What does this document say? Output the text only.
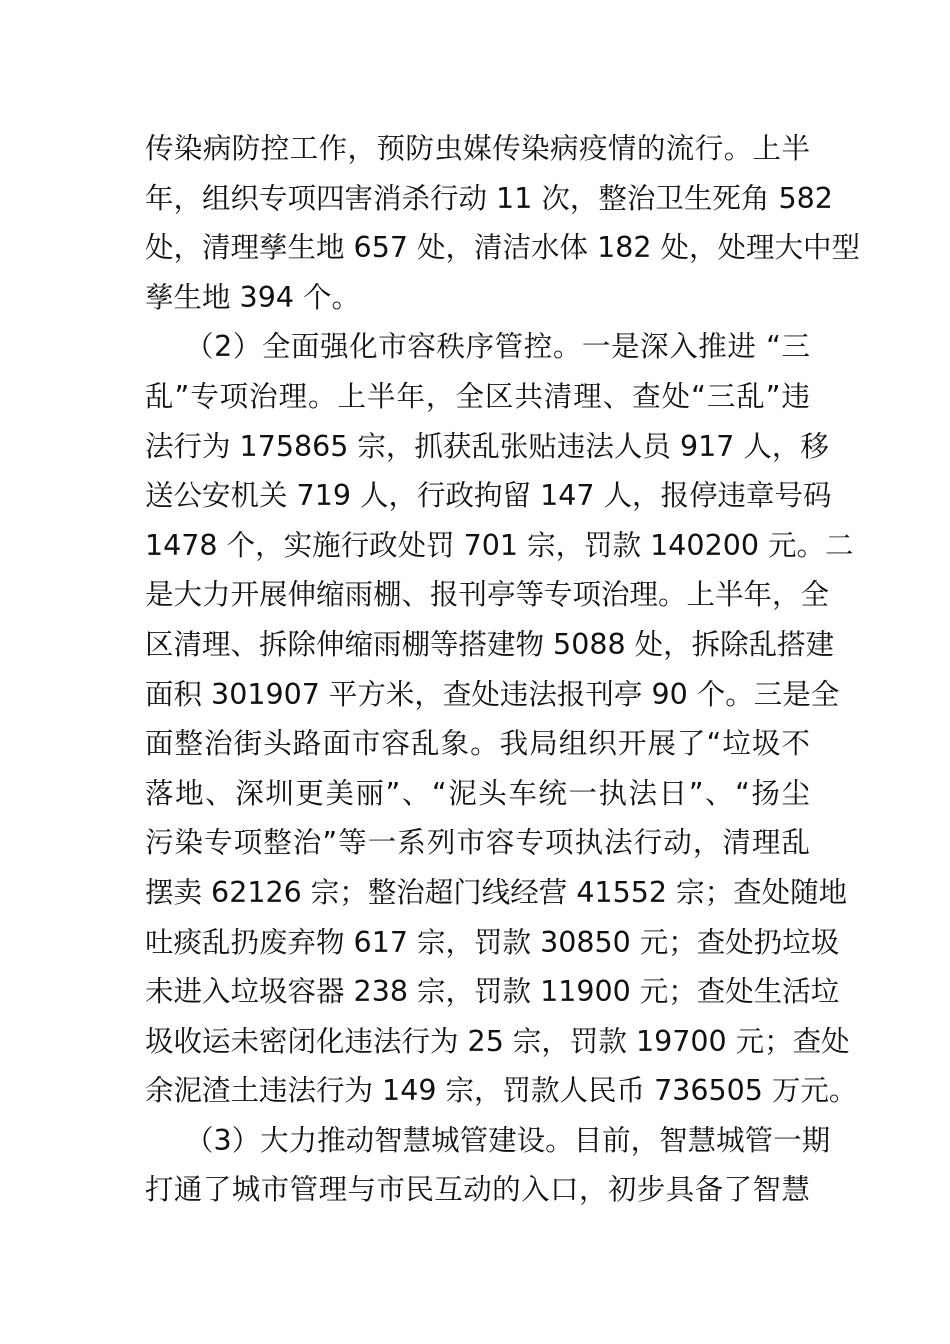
传染病防控工作，预防虫媒传染病疫情的流行。上半
年，组织专项四害消杀行动 11 次，整治卫生死角 582
处，清理孳生地 657 处，清洁水体 182 处，处理大中型
孳生地 394 个。
（2）全面强化市容秩序管控。一是深入推进 “三
乱”专项治理。上半年，全区共清理、查处“三乱”违
法行为 175865 宗，抓获乱张贴违法人员 917 人，移
送公安机关 719 人，行政拘留 147 人，报停违章号码
1478 个，实施行政处罚 701 宗，罚款 140200 元。二
是大力开展伸缩雨棚、报刊亭等专项治理。上半年，全
区清理、拆除伸缩雨棚等搭建物 5088 处，拆除乱搭建
面积 301907 平方米，查处违法报刊亭 90 个。三是全
面整治街头路面市容乱象。我局组织开展了“垃圾不
落地、深圳更美丽”、“泥头车统一执法日”、“扬尘
污染专项整治”等一系列市容专项执法行动，清理乱
摆卖 62126 宗；整治超门线经营 41552 宗；查处随地
吐痰乱扔废弃物 617 宗，罚款 30850 元；查处扔垃圾
未进入垃圾容器 238 宗，罚款 11900 元；查处生活垃
圾收运未密闭化违法行为 25 宗，罚款 19700 元；查处
余泥渣土违法行为 149 宗，罚款人民币 736505 万元。
（3）大力推动智慧城管建设。目前，智慧城管一期
打通了城市管理与市民互动的入口，初步具备了智慧
